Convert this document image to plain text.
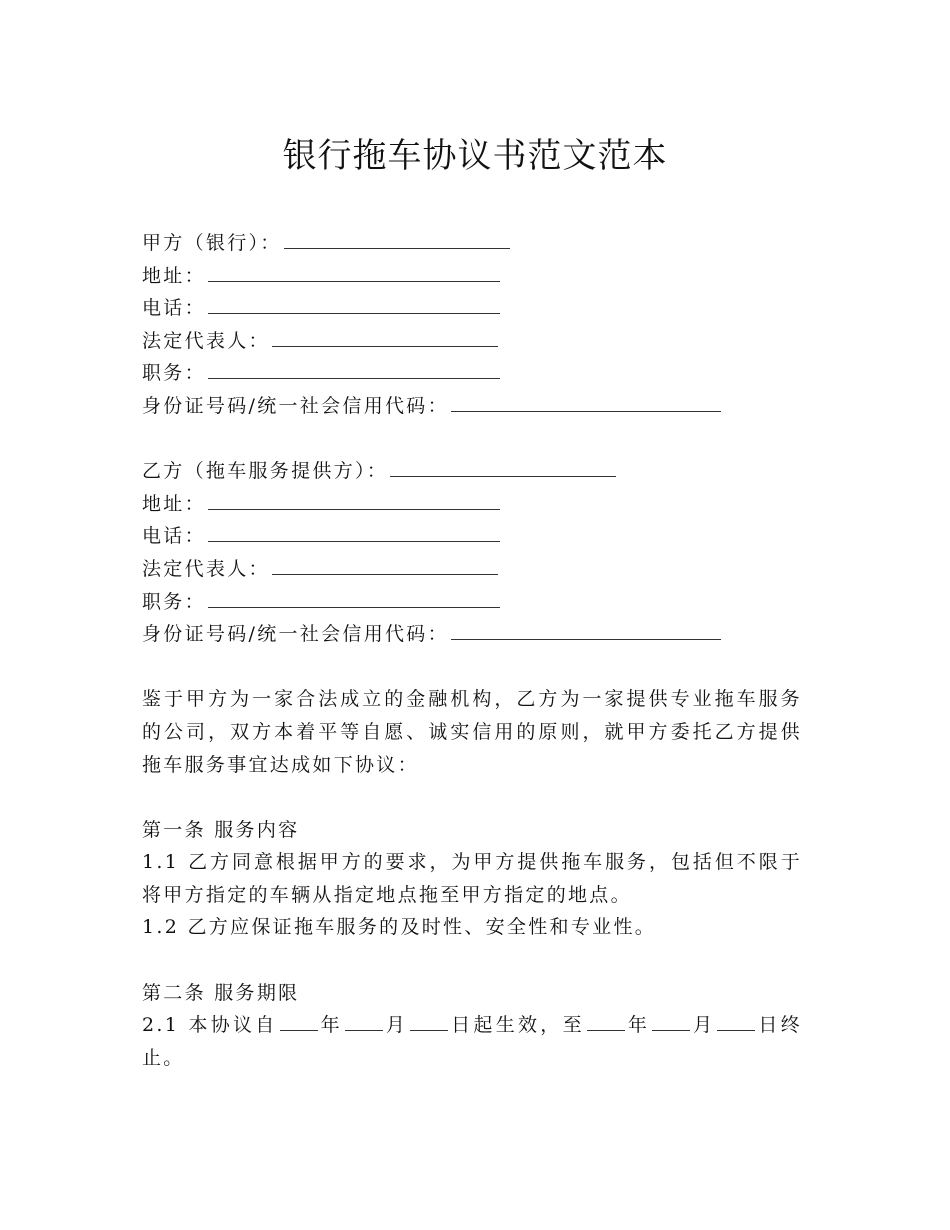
银行拖车协议书范文范本
甲方（银行）：
地址：
电话：
法定代表人：
职务：
身份证号码/统一社会信用代码：
乙方（拖车服务提供方）：
地址：
电话：
法定代表人：
职务：
身份证号码/统一社会信用代码：
鉴于甲方为一家合法成立的金融机构，乙方为一家提供专业拖车服务的公司，双方本着平等自愿、诚实信用的原则，就甲方委托乙方提供拖车服务事宜达成如下协议：
第一条 服务内容
1.1 乙方同意根据甲方的要求，为甲方提供拖车服务，包括但不限于将甲方指定的车辆从指定地点拖至甲方指定的地点。
1.2 乙方应保证拖车服务的及时性、安全性和专业性。
第二条 服务期限
2.1 本协议自 年 月 日起生效，至 年 月 日终止。
